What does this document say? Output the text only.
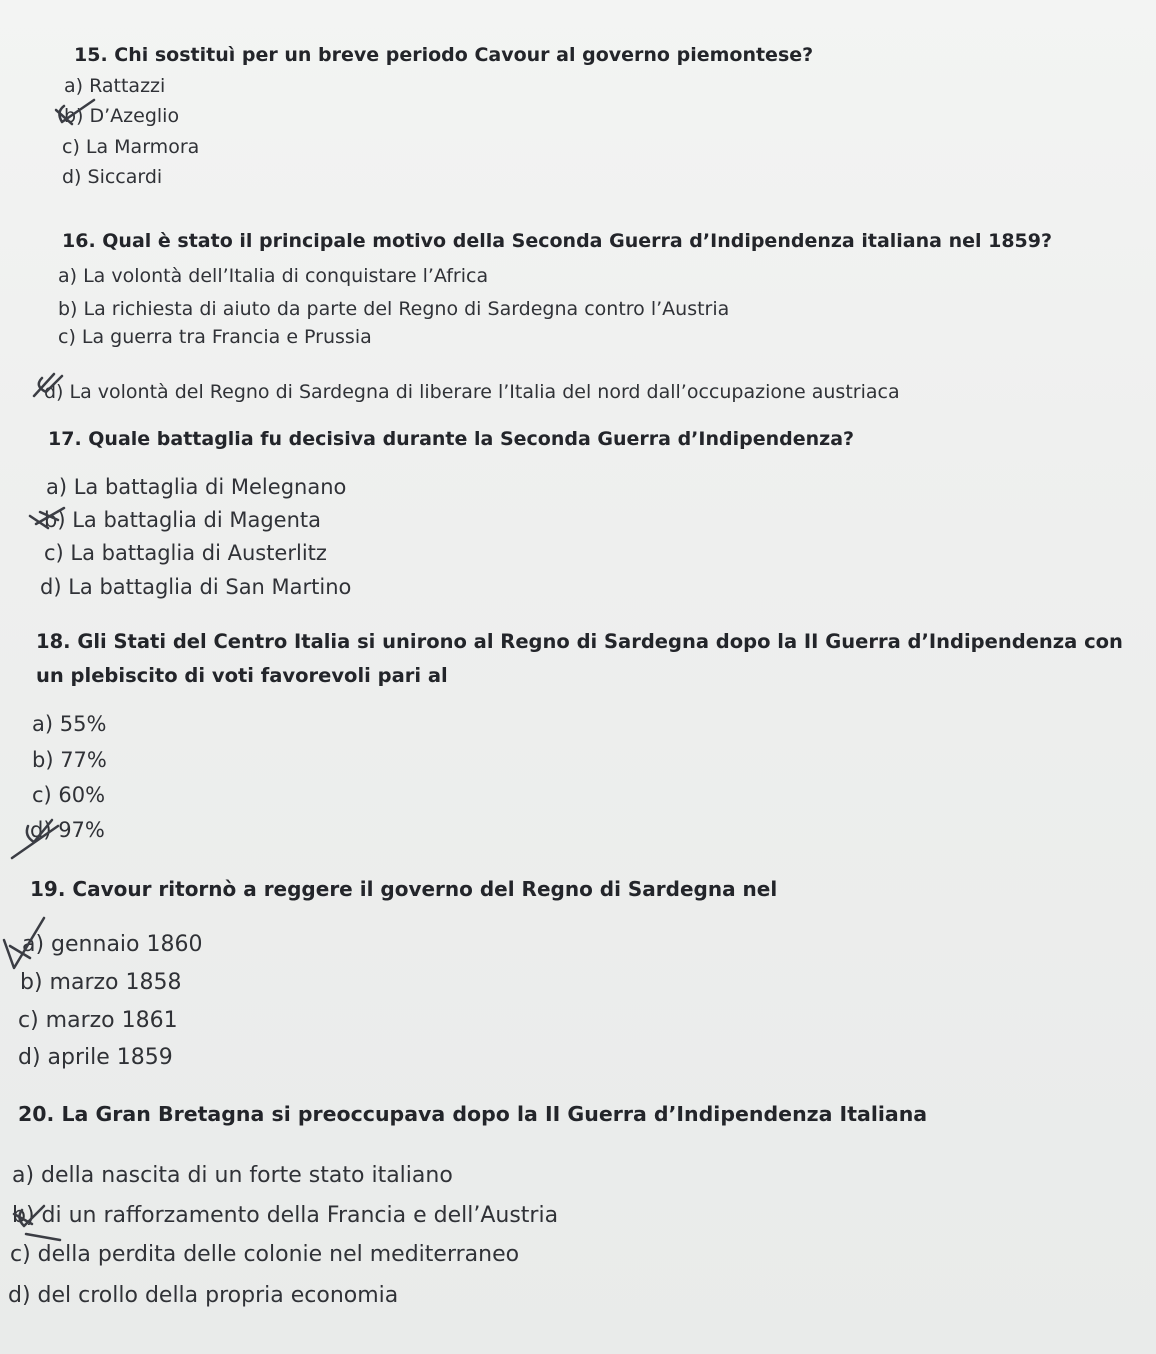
15. Chi sostituì per un breve periodo Cavour al governo piemontese?

a) Rattazzi

b) D’Azeglio

c) La Marmora

d) Siccardi

16. Qual è stato il principale motivo della Seconda Guerra d’Indipendenza italiana nel 1859?

a) La volontà dell’Italia di conquistare l’Africa

b) La richiesta di aiuto da parte del Regno di Sardegna contro l’Austria

c) La guerra tra Francia e Prussia

d) La volontà del Regno di Sardegna di liberare l’Italia del nord dall’occupazione austriaca

17. Quale battaglia fu decisiva durante la Seconda Guerra d’Indipendenza?

a) La battaglia di Melegnano

b) La battaglia di Magenta

c) La battaglia di Austerlitz

d) La battaglia di San Martino

18. Gli Stati del Centro Italia si unirono al Regno di Sardegna dopo la II Guerra d’Indipendenza con un plebiscito di voti favorevoli pari al

a) 55%

b) 77%

c) 60%

d) 97%

19. Cavour ritornò a reggere il governo del Regno di Sardegna nel

a) gennaio 1860

b) marzo 1858

c) marzo 1861

d) aprile 1859

20. La Gran Bretagna si preoccupava dopo la II Guerra d’Indipendenza Italiana

a) della nascita di un forte stato italiano

b) di un rafforzamento della Francia e dell’Austria

c) della perdita delle colonie nel mediterraneo

d) del crollo della propria economia
